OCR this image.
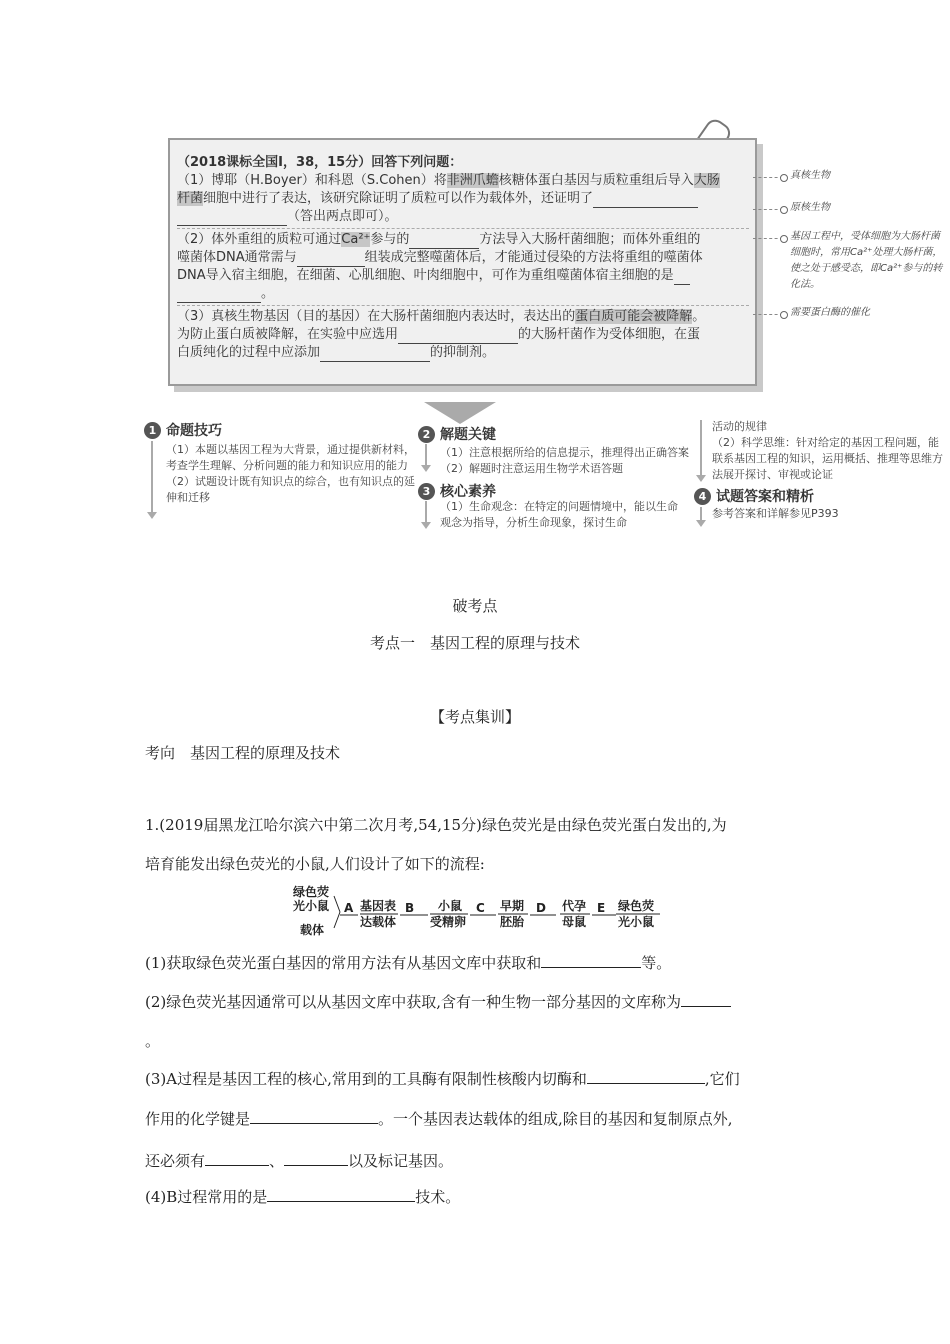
（2018课标全国Ⅰ，38，15分）回答下列问题：

（1）博耶（H.Boyer）和科恩（S.Cohen）将非洲爪蟾核糖体蛋白基因与质粒重组后导入大肠
杆菌细胞中进行了表达，该研究除证明了质粒可以作为载体外，还证明了
（答出两点即可）。

（2）体外重组的质粒可通过Ca²⁺参与的	方法导入大肠杆菌细胞；而体外重组的
噬菌体DNA通常需与	组装成完整噬菌体后，才能通过侵染的方法将重组的噬菌体
DNA导入宿主细胞，在细菌、心肌细胞、叶肉细胞中，可作为重组噬菌体宿主细胞的是
。

（3）真核生物基因（目的基因）在大肠杆菌细胞内表达时，表达出的蛋白质可能会被降解。
为防止蛋白质被降解，在实验中应选用	的大肠杆菌作为受体细胞，在蛋
白质纯化的过程中应添加	的抑制剂。

真核生物
原核生物
基因工程中，受体细胞为大肠杆菌细胞时，常用Ca²⁺处理大肠杆菌，使之处于感受态，即Ca²⁺参与的转化法。
需要蛋白酶的催化
1 命题技巧
（1）本题以基因工程为大背景，通过提供新材料，考查学生理解、分析问题的能力和知识应用的能力
（2）试题设计既有知识点的综合，也有知识点的延伸和迁移
2 解题关键
（1）注意根据所给的信息提示，推理得出正确答案
（2）解题时注意运用生物学术语答题
3 核心素养
（1）生命观念：在特定的问题情境中，能以生命观念为指导，分析生命现象，探讨生命
活动的规律
（2）科学思维：针对给定的基因工程问题，能联系基因工程的知识，运用概括、推理等思维方法展开探讨、审视或论证
4 试题答案和精析
参考答案和详解参见P393
破考点
考点一　基因工程的原理与技术
【考点集训】
考向　基因工程的原理及技术
1.(2019届黑龙江哈尔滨六中第二次月考,54,15分)绿色荧光是由绿色荧光蛋白发出的,为
培育能发出绿色荧光的小鼠,人们设计了如下的流程:
绿色荧
光小鼠
载体
A 基因表
达载体
B 小鼠
受精卵
C 早期
胚胎
D 代孕
母鼠
E 绿色荧
光小鼠
(1)获取绿色荧光蛋白基因的常用方法有从基因文库中获取和	等。
(2)绿色荧光基因通常可以从基因文库中获取,含有一种生物一部分基因的文库称为
。
(3)A过程是基因工程的核心,常用到的工具酶有限制性核酸内切酶和	,它们
作用的化学键是	。一个基因表达载体的组成,除目的基因和复制原点外,
还必须有	、	以及标记基因。
(4)B过程常用的是	技术。
